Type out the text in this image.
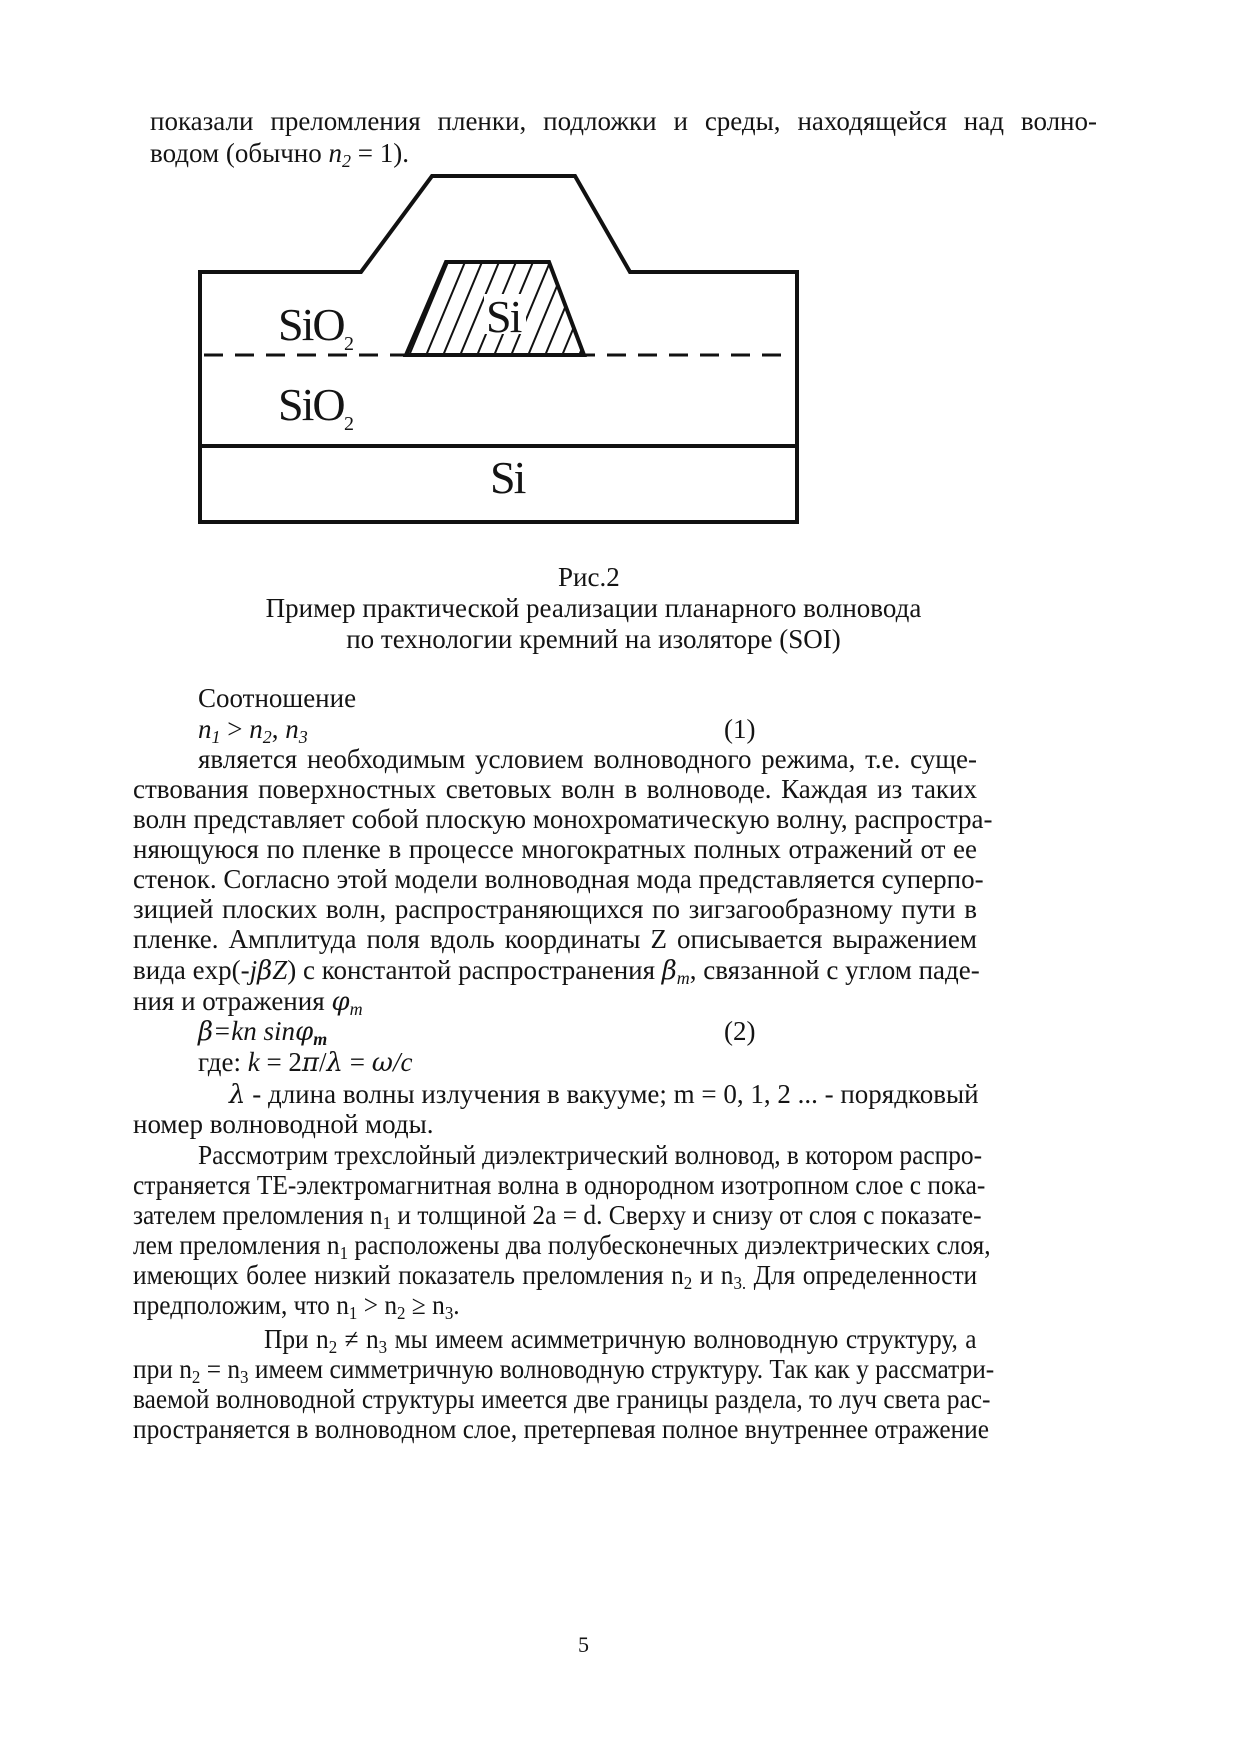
показали преломления пленки, подложки и среды, находящейся над волно-
водом (обычно $n_2 = 1$).
SiO 2
Si
SiO 2
Si
Рис.2
Пример практической реализации планарного волновода
по технологии кремний на изоляторе (SOI)
Соотношение
$n_1 > n_2$, $n_3$	(1)
является необходимым условием волноводного режима, т.е. суще-
ствования поверхностных световых волн в волноводе. Каждая из таких
волн представляет собой плоскую монохроматическую волну, распростра-
няющуюся по пленке в процессе многократных полных отражений от ее
стенок. Согласно этой модели волноводная мода представляется суперпо-
зицией плоских волн, распространяющихся по зигзагообразному пути в
пленке. Амплитуда поля вдоль координаты Z описывается выражением
вида exp(-jβZ) с константой распространения $\beta_m$, связанной с углом паде-
ния и отражения $\varphi_m$
β=kn sinφ$_m$	(2)
где: k = 2π/λ = ω/c
λ - длина волны излучения в вакууме; m = 0, 1, 2 ... - порядковый
номер волноводной моды.
Рассмотрим трехслойный диэлектрический волновод, в котором распро-
страняется ТЕ-электромагнитная волна в однородном изотропном слое с пока-
зателем преломления $n_1$ и толщиной 2a = d. Сверху и снизу от слоя с показате-
лем преломления $n_1$ расположены два полубесконечных диэлектрических слоя,
имеющих более низкий показатель преломления $n_2$ и $n_{3.}$ Для определенности
предположим, что $n_1 > n_2 \ge n_3$.
При $n_2 \ne n_3$ мы имеем асимметричную волноводную структуру, а
при $n_2 = n_3$ имеем симметричную волноводную структуру. Так как у рассматри-
ваемой волноводной структуры имеется две границы раздела, то луч света рас-
пространяется в волноводном слое, претерпевая полное внутреннее отражение
5
